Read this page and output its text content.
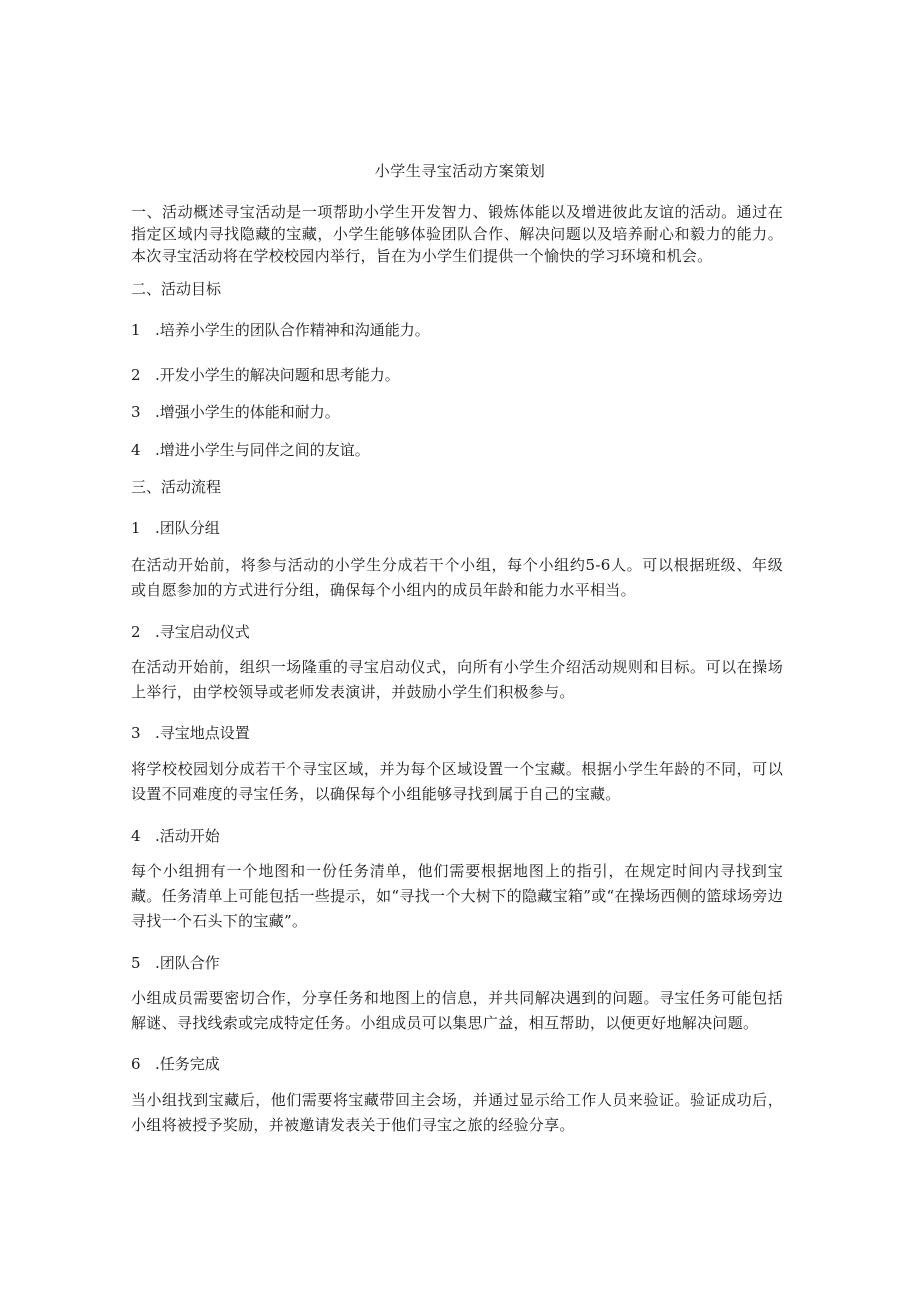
小学生寻宝活动方案策划
一、活动概述寻宝活动是一项帮助小学生开发智力、锻炼体能以及增进彼此友谊的活动。通过在指定区域内寻找隐藏的宝藏，小学生能够体验团队合作、解决问题以及培养耐心和毅力的能力。本次寻宝活动将在学校校园内举行，旨在为小学生们提供一个愉快的学习环境和机会。
二、活动目标
1 .培养小学生的团队合作精神和沟通能力。
2 .开发小学生的解决问题和思考能力。
3 .增强小学生的体能和耐力。
4 .增进小学生与同伴之间的友谊。
三、活动流程
1 .团队分组
在活动开始前，将参与活动的小学生分成若干个小组，每个小组约5-6人。可以根据班级、年级或自愿参加的方式进行分组，确保每个小组内的成员年龄和能力水平相当。
2 .寻宝启动仪式
在活动开始前，组织一场隆重的寻宝启动仪式，向所有小学生介绍活动规则和目标。可以在操场上举行，由学校领导或老师发表演讲，并鼓励小学生们积极参与。
3 .寻宝地点设置
将学校校园划分成若干个寻宝区域，并为每个区域设置一个宝藏。根据小学生年龄的不同，可以设置不同难度的寻宝任务，以确保每个小组能够寻找到属于自己的宝藏。
4 .活动开始
每个小组拥有一个地图和一份任务清单，他们需要根据地图上的指引，在规定时间内寻找到宝藏。任务清单上可能包括一些提示，如“寻找一个大树下的隐藏宝箱”或“在操场西侧的篮球场旁边寻找一个石头下的宝藏”。
5 .团队合作
小组成员需要密切合作，分享任务和地图上的信息，并共同解决遇到的问题。寻宝任务可能包括解谜、寻找线索或完成特定任务。小组成员可以集思广益，相互帮助，以便更好地解决问题。
6 .任务完成
当小组找到宝藏后，他们需要将宝藏带回主会场，并通过显示给工作人员来验证。验证成功后，小组将被授予奖励，并被邀请发表关于他们寻宝之旅的经验分享。
